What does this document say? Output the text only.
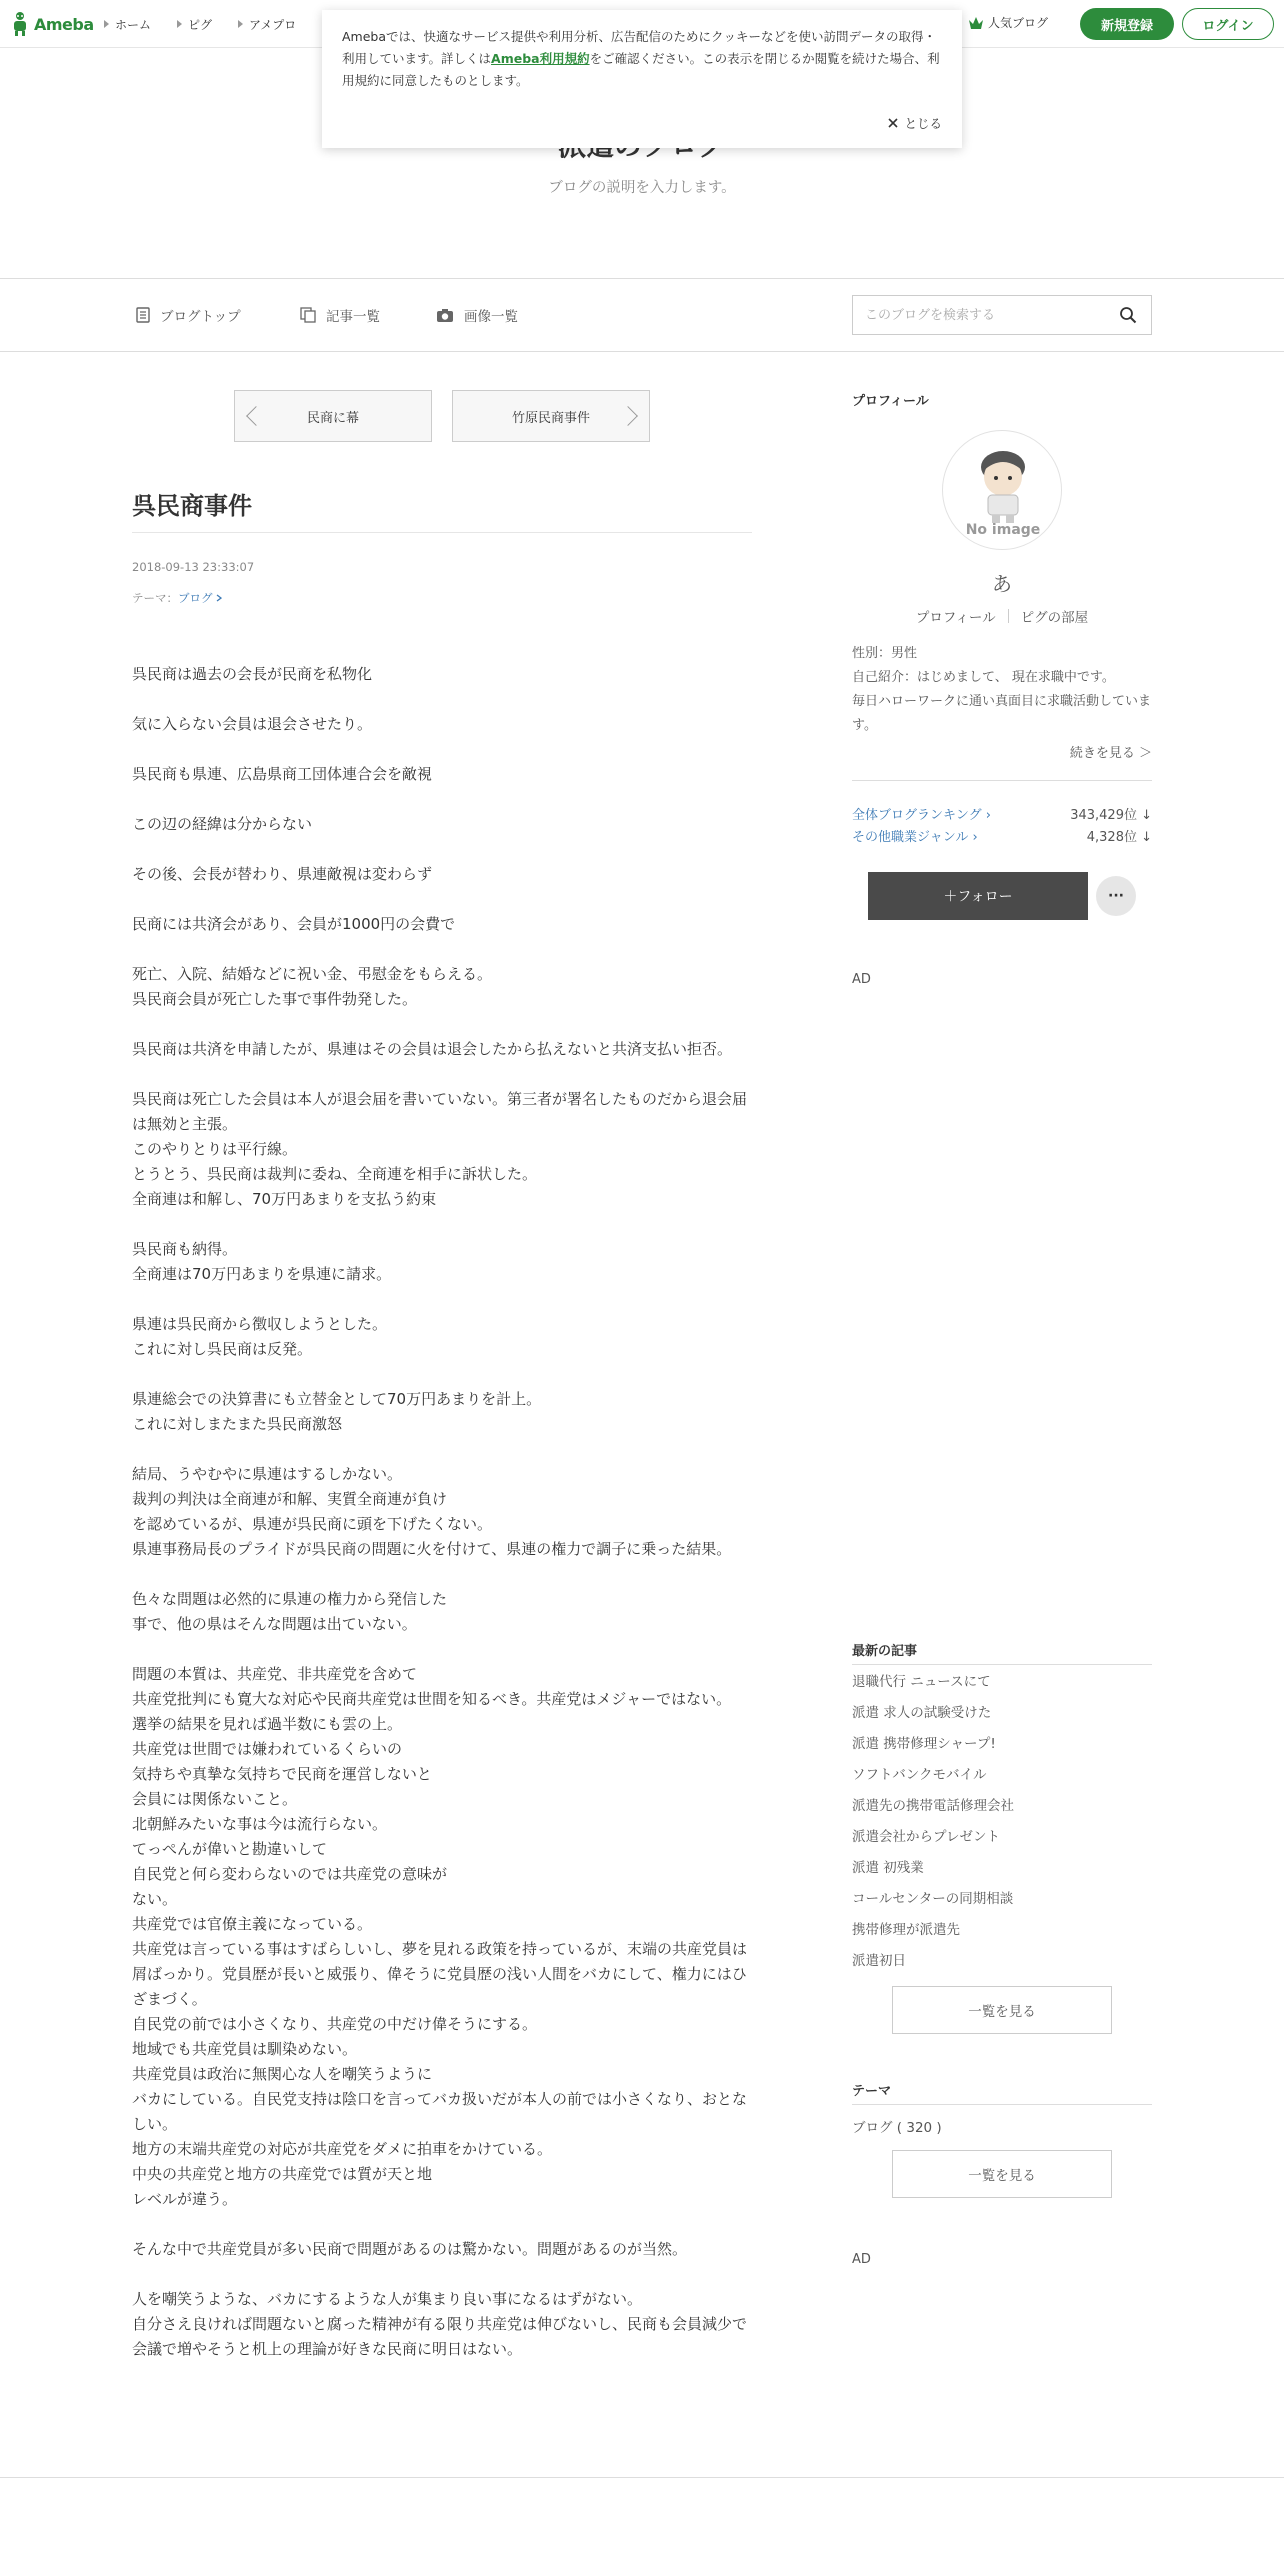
Ameba ホーム	ピグ	アメプロ	人気ブログ	新規登録	ログイン
Amebaでは、快適なサービス提供や利用分析、広告配信のためにクッキーなどを使い訪問データの取得・利用しています。詳しくはAmeba利用規約をご確認ください。この表示を閉じるか閲覧を続けた場合、利用規約に同意したものとします。
とじる
ブログの説明を入力します。
ブログトップ	記事一覧	画像一覧
このブログを検索する
民商に幕	竹原民商事件
呉民商事件
2018-09-13 23:33:07
テーマ：ブログ

呉民商は過去の会長が民商を私物化

気に入らない会員は退会させたり。

呉民商も県連、広島県商工団体連合会を敵視

この辺の経緯は分からない

その後、会長が替わり、県連敵視は変わらず

民商には共済会があり、会員が1000円の会費で

死亡、入院、結婚などに祝い金、弔慰金をもらえる。
呉民商会員が死亡した事で事件勃発した。

呉民商は共済を申請したが、県連はその会員は退会したから払えないと共済支払い拒否。

呉民商は死亡した会員は本人が退会届を書いていない。第三者が署名したものだから退会届は無効と主張。
このやりとりは平行線。
とうとう、呉民商は裁判に委ね、全商連を相手に訴状した。
全商連は和解し、70万円あまりを支払う約束

呉民商も納得。
全商連は70万円あまりを県連に請求。

県連は呉民商から徴収しようとした。
これに対し呉民商は反発。

県連総会での決算書にも立替金として70万円あまりを計上。
これに対しまたまた呉民商激怒

結局、うやむやに県連はするしかない。
裁判の判決は全商連が和解、実質全商連が負け
を認めているが、県連が呉民商に頭を下げたくない。
県連事務局長のプライドが呉民商の問題に火を付けて、県連の権力で調子に乗った結果。

色々な問題は必然的に県連の権力から発信した
事で、他の県はそんな問題は出ていない。

問題の本質は、共産党、非共産党を含めて
共産党批判にも寛大な対応や民商共産党は世間を知るべき。共産党はメジャーではない。
選挙の結果を見れば過半数にも雲の上。
共産党は世間では嫌われているくらいの
気持ちや真摯な気持ちで民商を運営しないと
会員には関係ないこと。
北朝鮮みたいな事は今は流行らない。
てっぺんが偉いと勘違いして
自民党と何ら変わらないのでは共産党の意味が
ない。
共産党では官僚主義になっている。
共産党は言っている事はすばらしいし、夢を見れる政策を持っているが、末端の共産党員は屑ばっかり。党員歴が長いと威張り、偉そうに党員歴の浅い人間をバカにして、権力にはひざまづく。
自民党の前では小さくなり、共産党の中だけ偉そうにする。
地域でも共産党員は馴染めない。
共産党員は政治に無関心な人を嘲笑うように
バカにしている。自民党支持は陰口を言ってバカ扱いだが本人の前では小さくなり、おとなしい。
地方の末端共産党の対応が共産党をダメに拍車をかけている。
中央の共産党と地方の共産党では質が天と地
レベルが違う。

そんな中で共産党員が多い民商で問題があるのは驚かない。問題があるのが当然。

人を嘲笑うような、バカにするような人が集まり良い事になるはずがない。
自分さえ良ければ問題ないと腐った精神が有る限り共産党は伸びないし、民商も会員減少で会議で増やそうと机上の理論が好きな民商に明日はない。

プロフィール
No image
あ
プロフィール ピグの部屋
性別：男性
自己紹介：はじめまして、 現在求職中です。
毎日ハローワークに通い真面目に求職活動しています。
続きを見る ＞
全体ブログランキング ›	343,429位 ↓
その他職業ジャンル ›	4,328位 ↓
＋フォロー	···
AD
最新の記事
退職代行 ニュースにて
派遣 求人の試験受けた
派遣 携帯修理シャープ!
ソフトバンクモバイル
派遣先の携帯電話修理会社
派遣会社からプレゼント
派遣 初残業
コールセンターの同期相談
携帯修理が派遣先
派遣初日
一覧を見る
テーマ
ブログ ( 320 )
一覧を見る
AD
